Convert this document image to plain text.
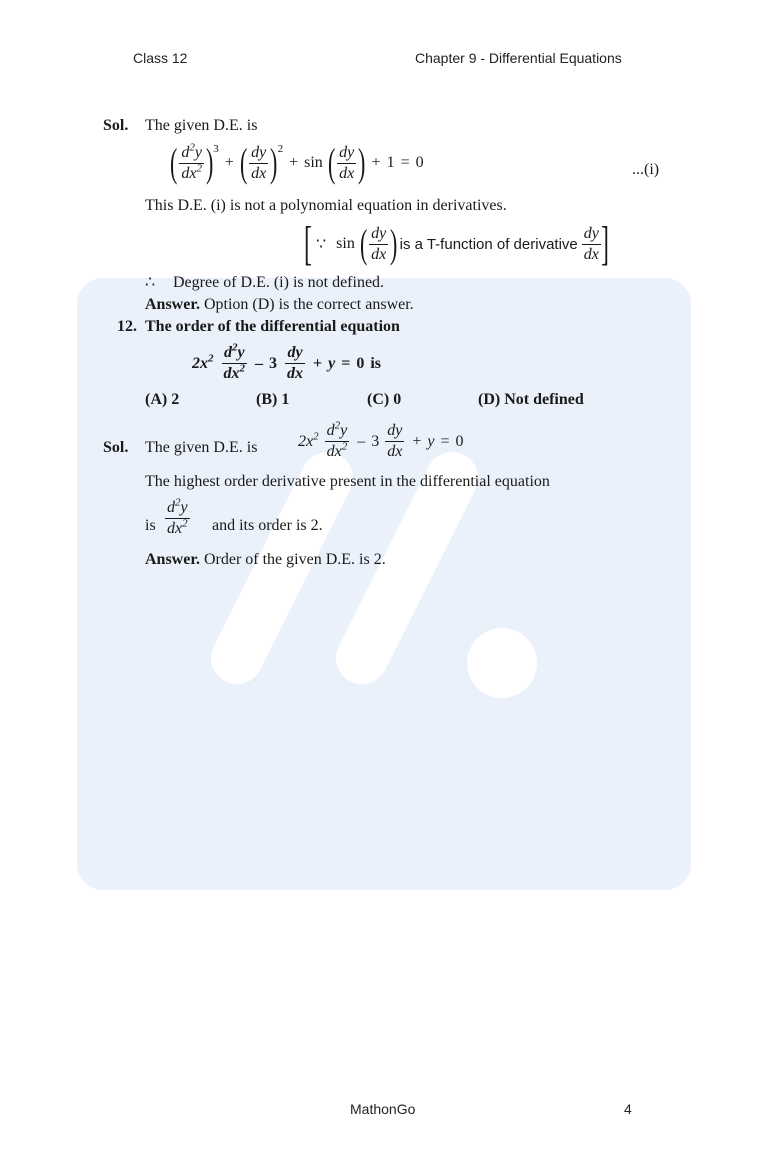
Class 12	Chapter 9 - Differential Equations
Sol. The given D.E. is
( $\frac{d^2y}{dx^2}$ ) 3
+ ( $\frac{dy}{dx}$ ) 2
+ sin ( $\frac{dy}{dx}$ ) + 1 = 0	...(i)
This D.E. (i) is not a polynomial equation in derivatives.
[ ∵ sin ( $\frac{dy}{dx}$ ) is a T-function of derivative $\frac{dy}{dx}$ ]
∴ Degree of D.E. (i) is not defined.
Answer. Option (D) is the correct answer.
12. The order of the differential equation
$2x^2 \frac{d^2y}{dx^2} - 3 \frac{dy}{dx} + y = 0$ is
(A) 2	(B) 1	(C) 0	(D) Not defined
Sol. The given D.E. is	$2x^2 \frac{d^2y}{dx^2} - 3 \frac{dy}{dx} + y = 0$
The highest order derivative present in the differential equation
is $\frac{d^2y}{dx^2}$ and its order is 2.
Answer. Order of the given D.E. is 2.
MathonGo	4
